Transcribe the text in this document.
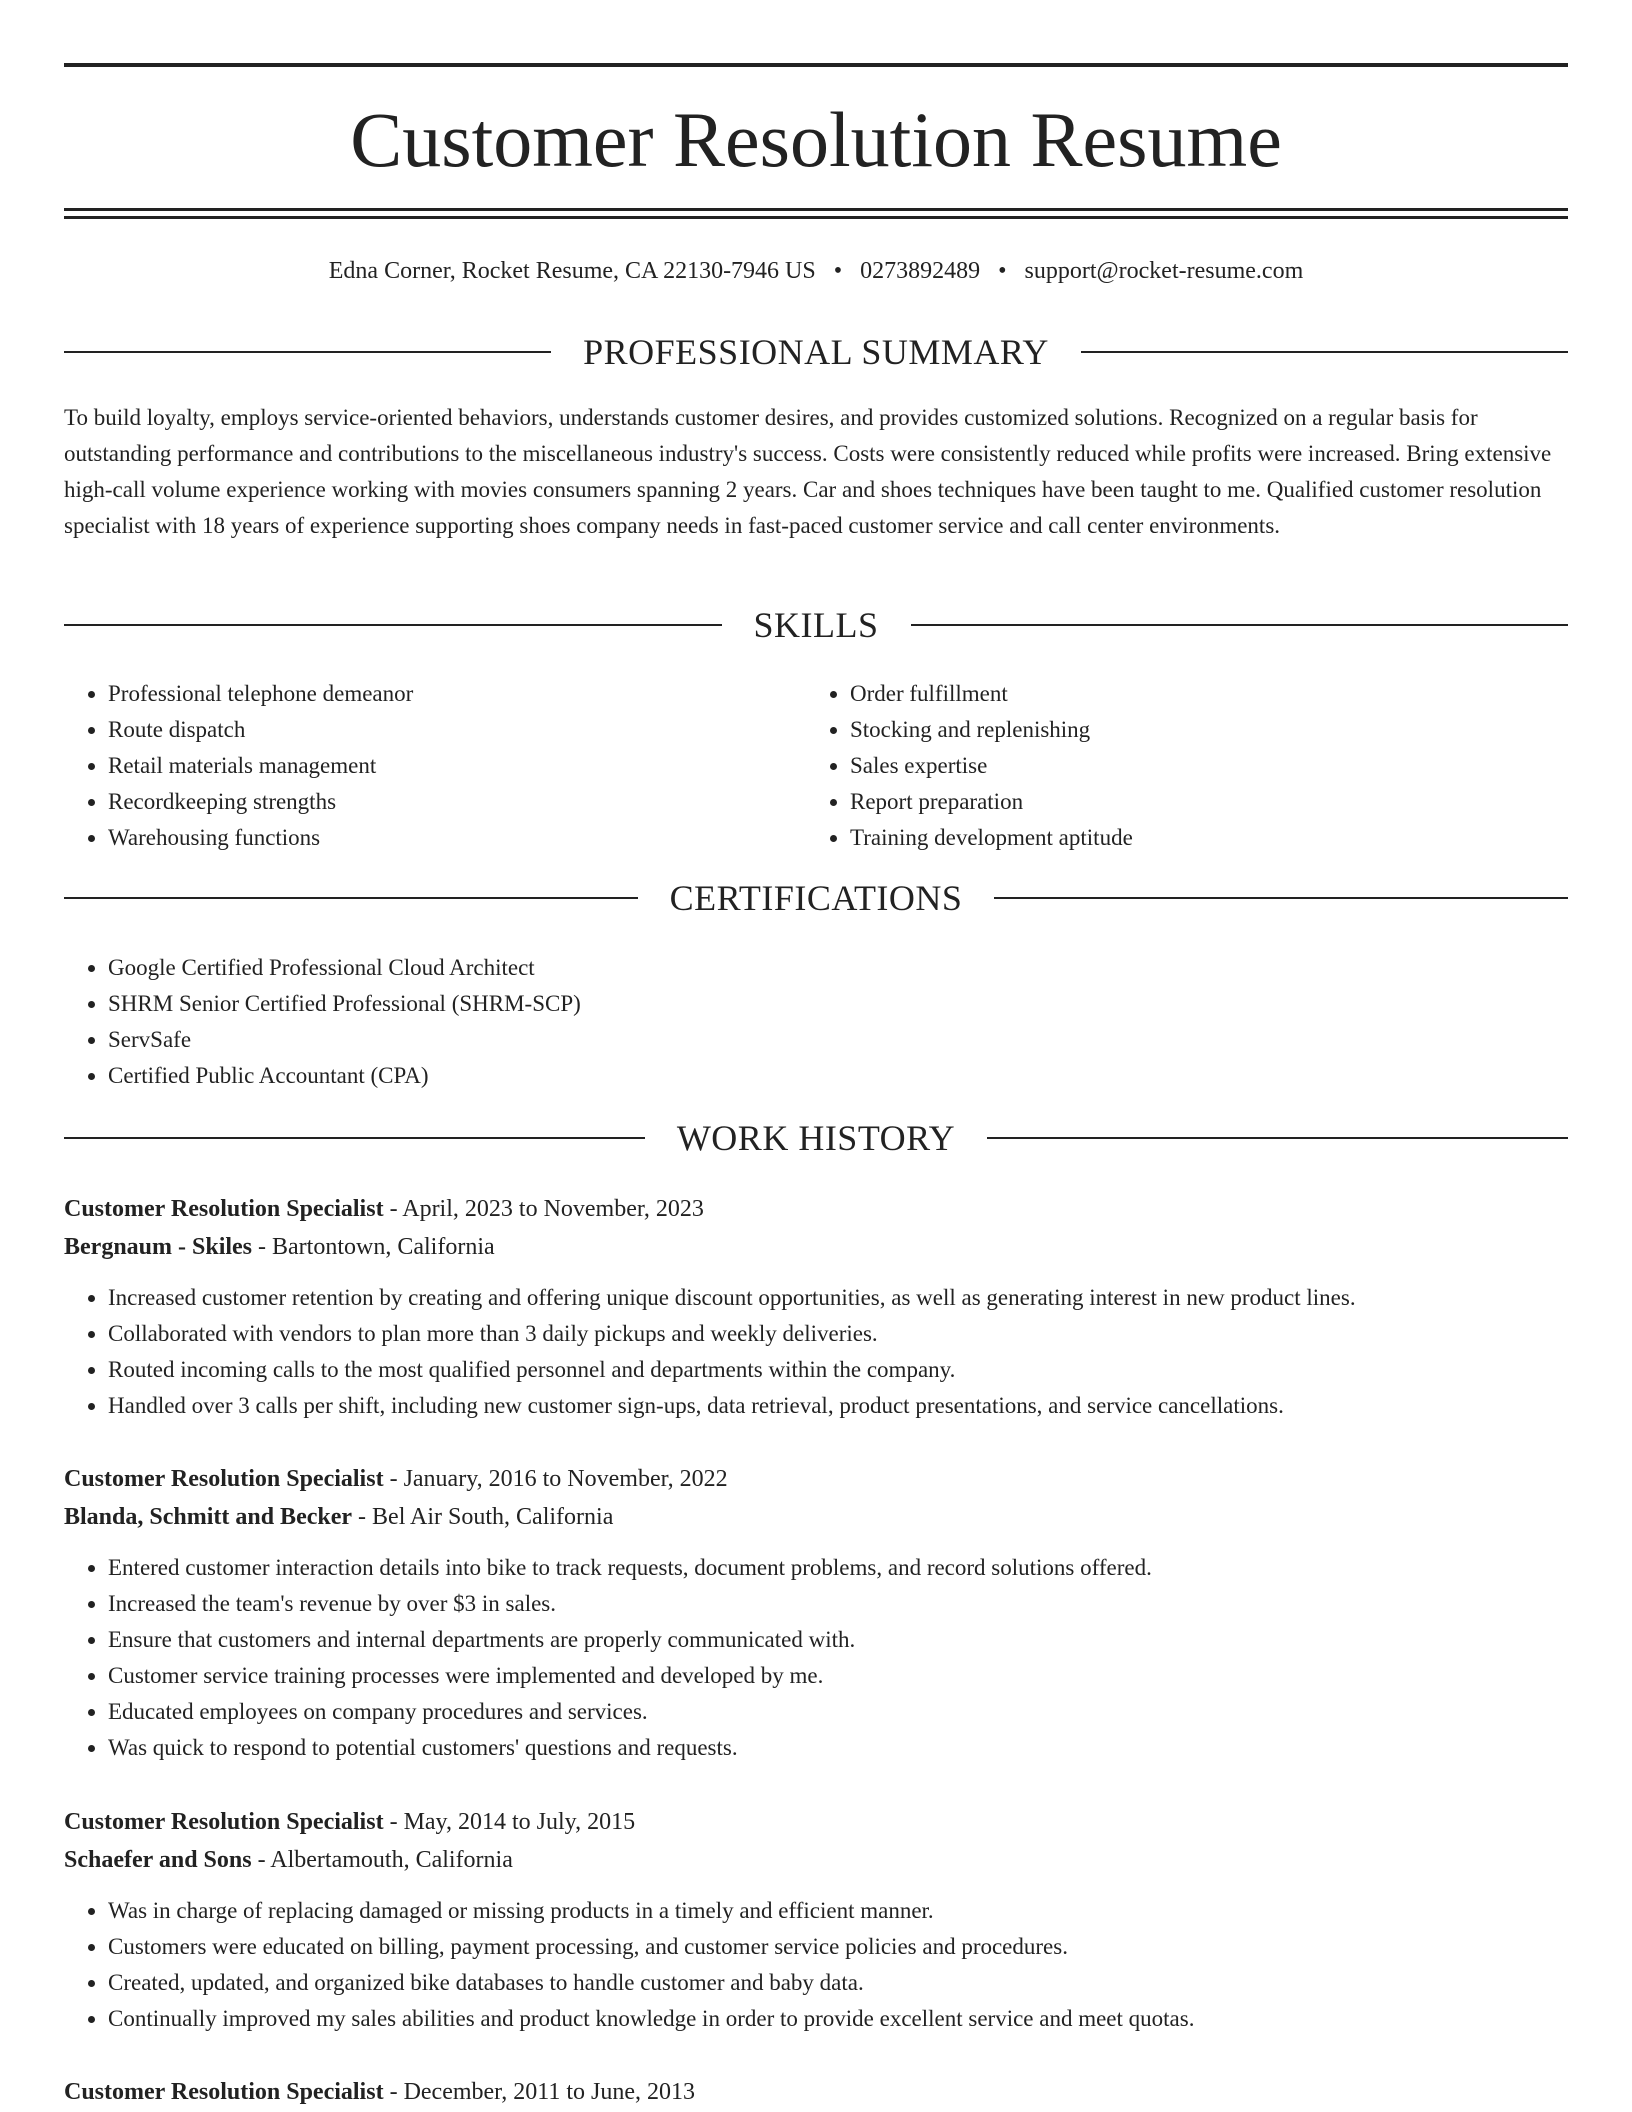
Customer Resolution Resume
Edna Corner, Rocket Resume, CA 22130-7946 US • 0273892489 • support@rocket-resume.com
PROFESSIONAL SUMMARY

To build loyalty, employs service-oriented behaviors, understands customer desires, and provides customized solutions. Recognized on a regular basis for outstanding performance and contributions to the miscellaneous industry's success. Costs were consistently reduced while profits were increased. Bring extensive high-call volume experience working with movies consumers spanning 2 years. Car and shoes techniques have been taught to me. Qualified customer resolution specialist with 18 years of experience supporting shoes company needs in fast-paced customer service and call center environments.

SKILLS
• Professional telephone demeanor
• Route dispatch
• Retail materials management
• Recordkeeping strengths
• Warehousing functions
• Order fulfillment
• Stocking and replenishing
• Sales expertise
• Report preparation
• Training development aptitude
CERTIFICATIONS
• Google Certified Professional Cloud Architect
• SHRM Senior Certified Professional (SHRM-SCP)
• ServSafe
• Certified Public Accountant (CPA)
WORK HISTORY
Customer Resolution Specialist - April, 2023 to November, 2023
Bergnaum - Skiles - Bartontown, California
• Increased customer retention by creating and offering unique discount opportunities, as well as generating interest in new product lines.
• Collaborated with vendors to plan more than 3 daily pickups and weekly deliveries.
• Routed incoming calls to the most qualified personnel and departments within the company.
• Handled over 3 calls per shift, including new customer sign-ups, data retrieval, product presentations, and service cancellations.
Customer Resolution Specialist - January, 2016 to November, 2022
Blanda, Schmitt and Becker - Bel Air South, California
• Entered customer interaction details into bike to track requests, document problems, and record solutions offered.
• Increased the team's revenue by over $3 in sales.
• Ensure that customers and internal departments are properly communicated with.
• Customer service training processes were implemented and developed by me.
• Educated employees on company procedures and services.
• Was quick to respond to potential customers' questions and requests.
Customer Resolution Specialist - May, 2014 to July, 2015
Schaefer and Sons - Albertamouth, California
• Was in charge of replacing damaged or missing products in a timely and efficient manner.
• Customers were educated on billing, payment processing, and customer service policies and procedures.
• Created, updated, and organized bike databases to handle customer and baby data.
• Continually improved my sales abilities and product knowledge in order to provide excellent service and meet quotas.
Customer Resolution Specialist - December, 2011 to June, 2013
